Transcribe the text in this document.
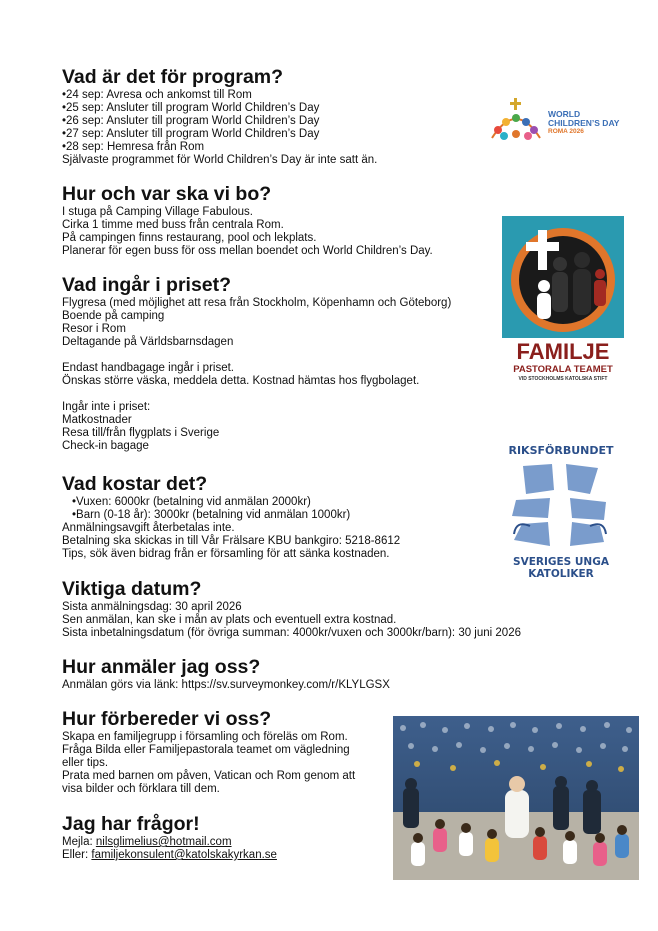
Vad är det för program?
•24 sep: Avresa och ankomst till Rom
•25 sep: Ansluter till program World Children’s Day
•26 sep: Ansluter till program World Children’s Day
•27 sep: Ansluter till program World Children’s Day
•28 sep: Hemresa från Rom
Självaste programmet för World Children’s Day är inte satt än.
Hur och var ska vi bo?
I stuga på Camping Village Fabulous.
Cirka 1 timme med buss från centrala Rom.
På campingen finns restaurang, pool och lekplats.
Planerar för egen buss för oss mellan boendet och World Children’s Day.
Vad ingår i priset?
Flygresa (med möjlighet att resa från Stockholm, Köpenhamn och Göteborg)
Boende på camping
Resor i Rom
Deltagande på Världsbarnsdagen
Endast handbagage ingår i priset.
Önskas större väska, meddela detta. Kostnad hämtas hos flygbolaget.
Ingår inte i priset:
Matkostnader
Resa till/från flygplats i Sverige
Check-in bagage
Vad kostar det?
•Vuxen: 6000kr (betalning vid anmälan 2000kr)
•Barn (0-18 år): 3000kr (betalning vid anmälan 1000kr)
Anmälningsavgift återbetalas inte.
Betalning ska skickas in till Vår Frälsare KBU bankgiro: 5218-8612
Tips, sök även bidrag från er församling för att sänka kostnaden.
Viktiga datum?
Sista anmälningsdag: 30 april 2026
Sen anmälan, kan ske i mån av plats och eventuell extra kostnad.
Sista inbetalningsdatum (för övriga summan: 4000kr/vuxen och 3000kr/barn): 30 juni 2026
Hur anmäler jag oss?
Anmälan görs via länk: https://sv.surveymonkey.com/r/KLYLGSX
Hur förbereder vi oss?
Skapa en familjegrupp i församling och föreläs om Rom.
Fråga Bilda eller Familjepastorala teamet om vägledning
eller tips.
Prata med barnen om påven, Vatican och Rom genom att
visa bilder och förklara till dem.
Jag har frågor!
Mejla: nilsglimelius@hotmail.com
Eller: familjekonsulent@katolskakyrkan.se
WORLD
CHILDREN’S DAY
ROMA 2026
FAMILJE
PASTORALA TEAMET
VID STOCKHOLMS KATOLSKA STIFT
RIKSFÖRBUNDET
SVERIGES UNGA KATOLIKER
